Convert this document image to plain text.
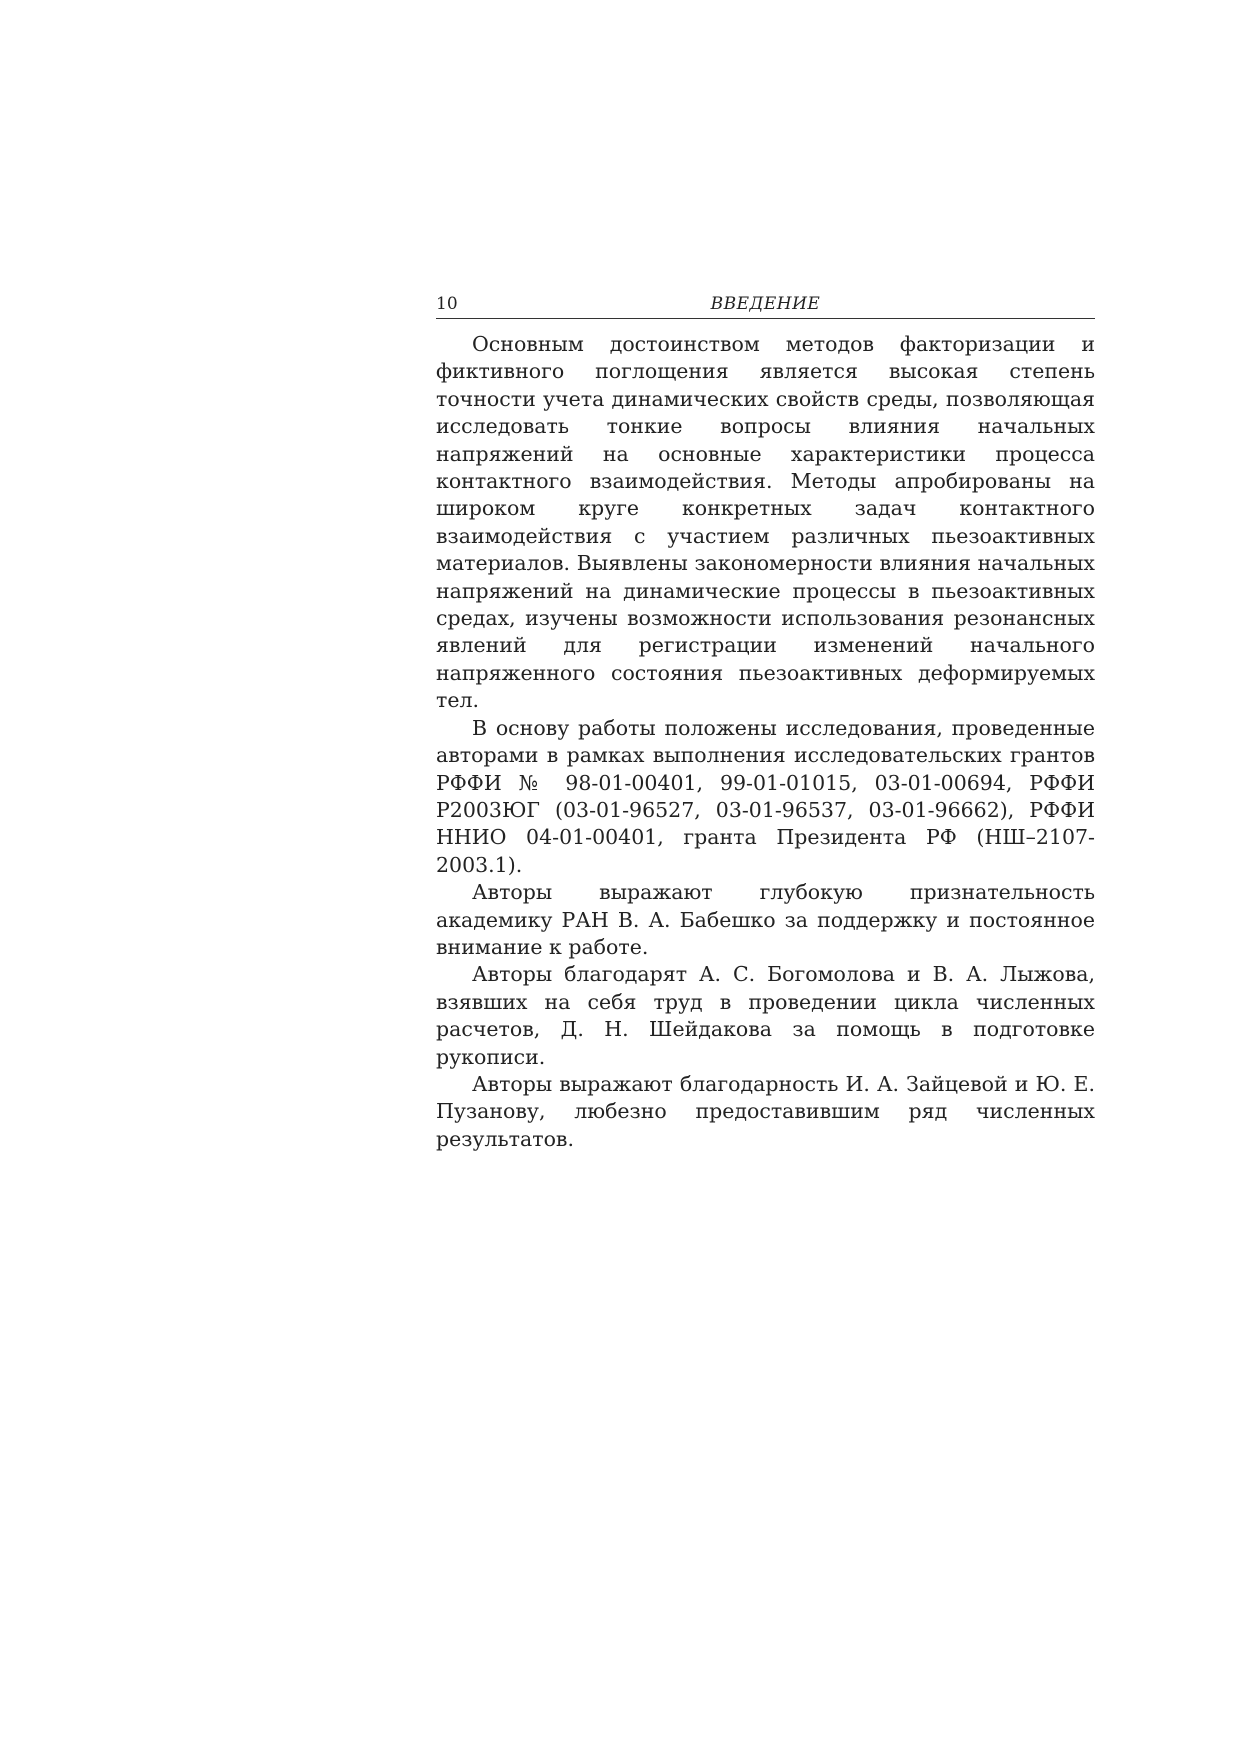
10	ВВЕДЕНИЕ

Основным достоинством методов факторизации и фиктивного поглощения является высокая степень точности учета динамических свойств среды, позволяющая исследовать тонкие вопросы влияния начальных напряжений на основные характеристики процесса контактного взаимодействия. Методы апробированы на широком круге конкретных задач контактного взаимодействия с участием различных пьезоактивных материалов. Выявлены закономерности влияния начальных напряжений на динамические процессы в пьезоактивных средах, изучены возможности использования резонансных явлений для регистрации изменений начального напряженного состояния пьезоактивных деформируемых тел.

В основу работы положены исследования, проведенные авторами в рамках выполнения исследовательских грантов РФФИ № 98-01-00401, 99-01-01015, 03-01-00694, РФФИ Р2003ЮГ (03-01-96527, 03-01-96537, 03-01-96662), РФФИ ННИО 04-01-00401, гранта Президента РФ (НШ–2107-2003.1).

Авторы выражают глубокую признательность академику РАН В. А. Бабешко за поддержку и постоянное внимание к работе.

Авторы благодарят А. С. Богомолова и В. А. Лыжова, взявших на себя труд в проведении цикла численных расчетов, Д. Н. Шейдакова за помощь в подготовке рукописи.

Авторы выражают благодарность И. А. Зайцевой и Ю. Е. Пузанову, любезно предоставившим ряд численных результатов.
